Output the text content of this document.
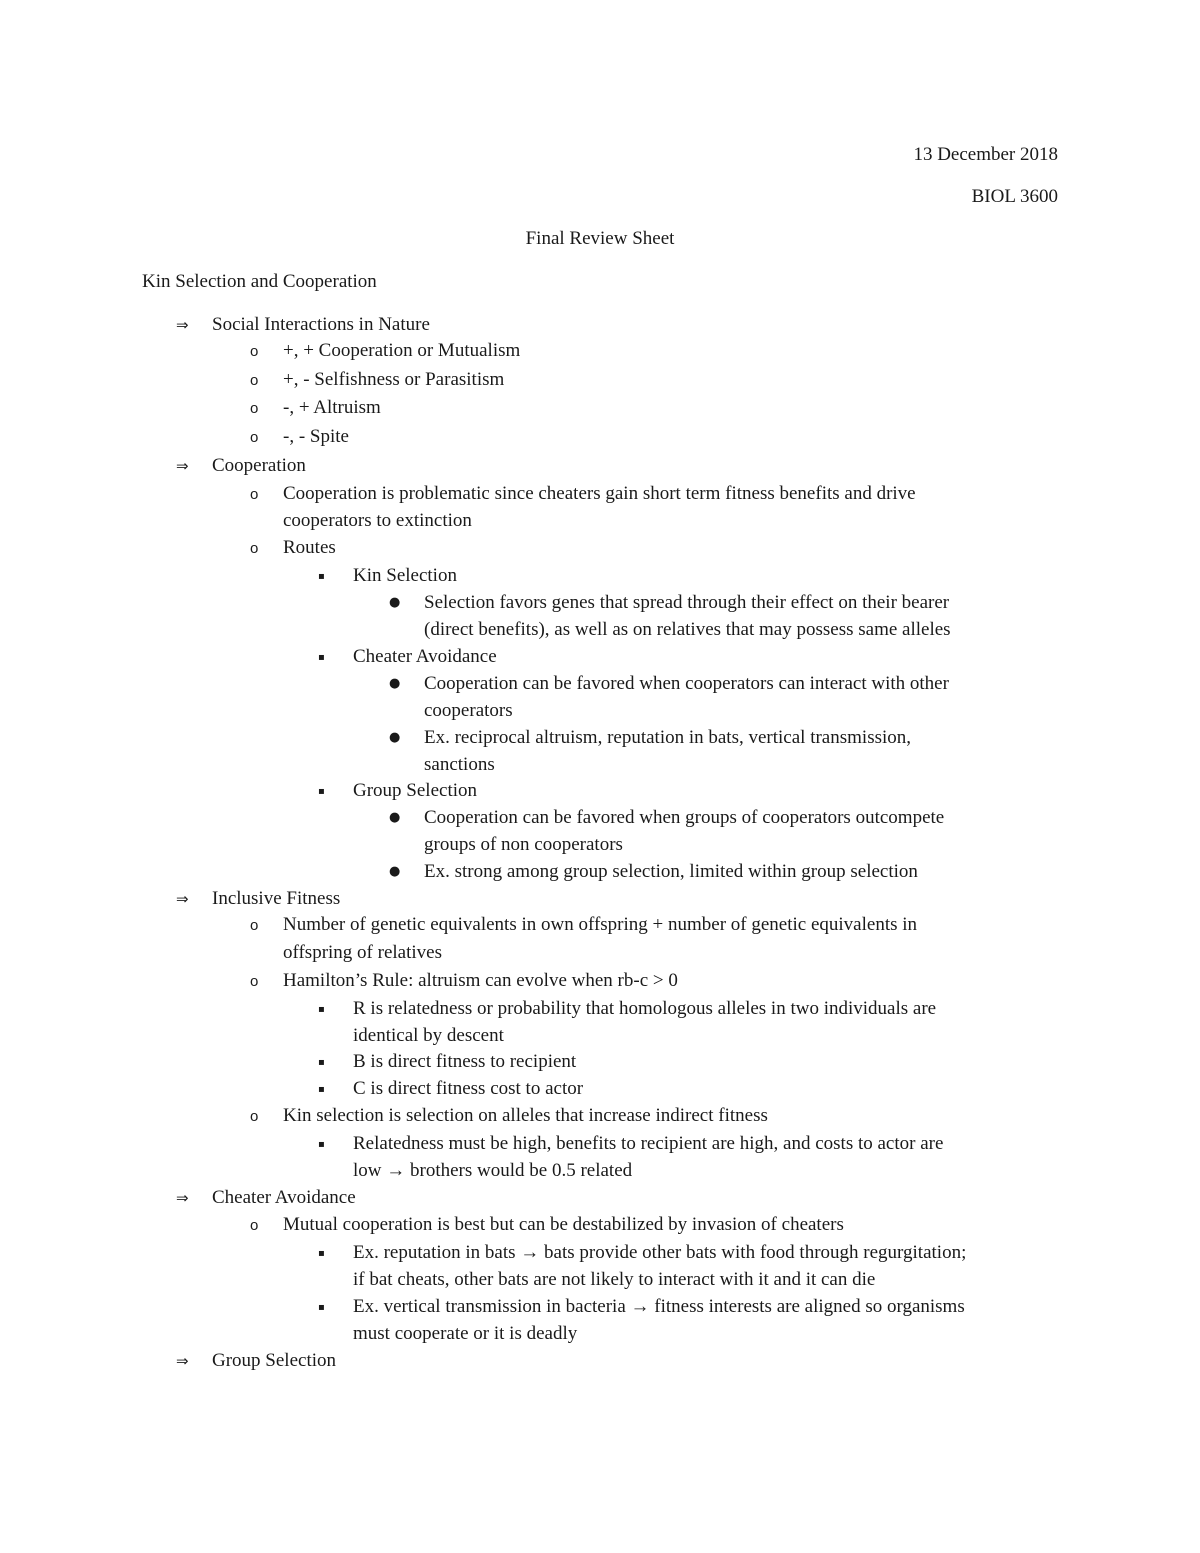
13 December 2018
BIOL 3600
Final Review Sheet
Kin Selection and Cooperation
⇒ Social Interactions in Nature
o +, + Cooperation or Mutualism
o +, - Selfishness or Parasitism
o -, + Altruism
o -, - Spite
⇒ Cooperation
o Cooperation is problematic since cheaters gain short term fitness benefits and drive
cooperators to extinction
o Routes
▪ Kin Selection
● Selection favors genes that spread through their effect on their bearer
(direct benefits), as well as on relatives that may possess same alleles
▪ Cheater Avoidance
● Cooperation can be favored when cooperators can interact with other
cooperators
● Ex. reciprocal altruism, reputation in bats, vertical transmission,
sanctions
▪ Group Selection
● Cooperation can be favored when groups of cooperators outcompete
groups of non cooperators
● Ex. strong among group selection, limited within group selection
⇒ Inclusive Fitness
o Number of genetic equivalents in own offspring + number of genetic equivalents in
offspring of relatives
o Hamilton’s Rule: altruism can evolve when rb-c > 0
▪ R is relatedness or probability that homologous alleles in two individuals are
identical by descent
▪ B is direct fitness to recipient
▪ C is direct fitness cost to actor
o Kin selection is selection on alleles that increase indirect fitness
▪ Relatedness must be high, benefits to recipient are high, and costs to actor are
low → brothers would be 0.5 related
⇒ Cheater Avoidance
o Mutual cooperation is best but can be destabilized by invasion of cheaters
▪ Ex. reputation in bats → bats provide other bats with food through regurgitation;
if bat cheats, other bats are not likely to interact with it and it can die
▪ Ex. vertical transmission in bacteria → fitness interests are aligned so organisms
must cooperate or it is deadly
⇒ Group Selection
